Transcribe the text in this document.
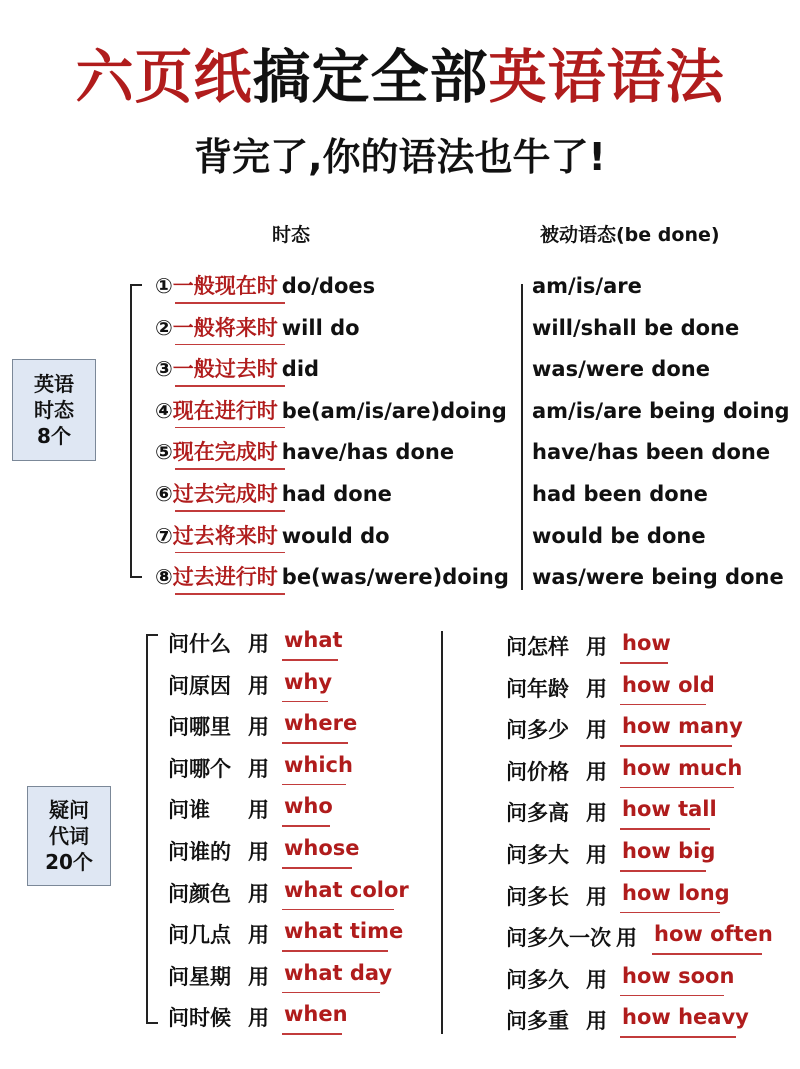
六页纸搞定全部英语语法
背完了,你的语法也牛了!
时态	被动语态(be done)
英语
时态
8个
①一般现在时 do/does
②一般将来时 will do
③一般过去时 did
④现在进行时 be(am/is/are)doing
⑤现在完成时 have/has done
⑥过去完成时 had done
⑦过去将来时 would do
⑧过去进行时 be(was/were)doing
am/is/are
will/shall be done
was/were done
am/is/are being doing
have/has been done
had been done
would be done
was/were being done
疑问
代词
20个
问什么 用 what
问原因 用 why
问哪里 用 where
问哪个 用 which
问谁 用 who
问谁的 用 whose
问颜色 用 what color
问几点 用 what time
问星期 用 what day
问时候 用 when
问怎样 用 how
问年龄 用 how old
问多少 用 how many
问价格 用 how much
问多高 用 how tall
问多大 用 how big
问多长 用 how long
问多久一次 用 how often
问多久 用 how soon
问多重 用 how heavy
